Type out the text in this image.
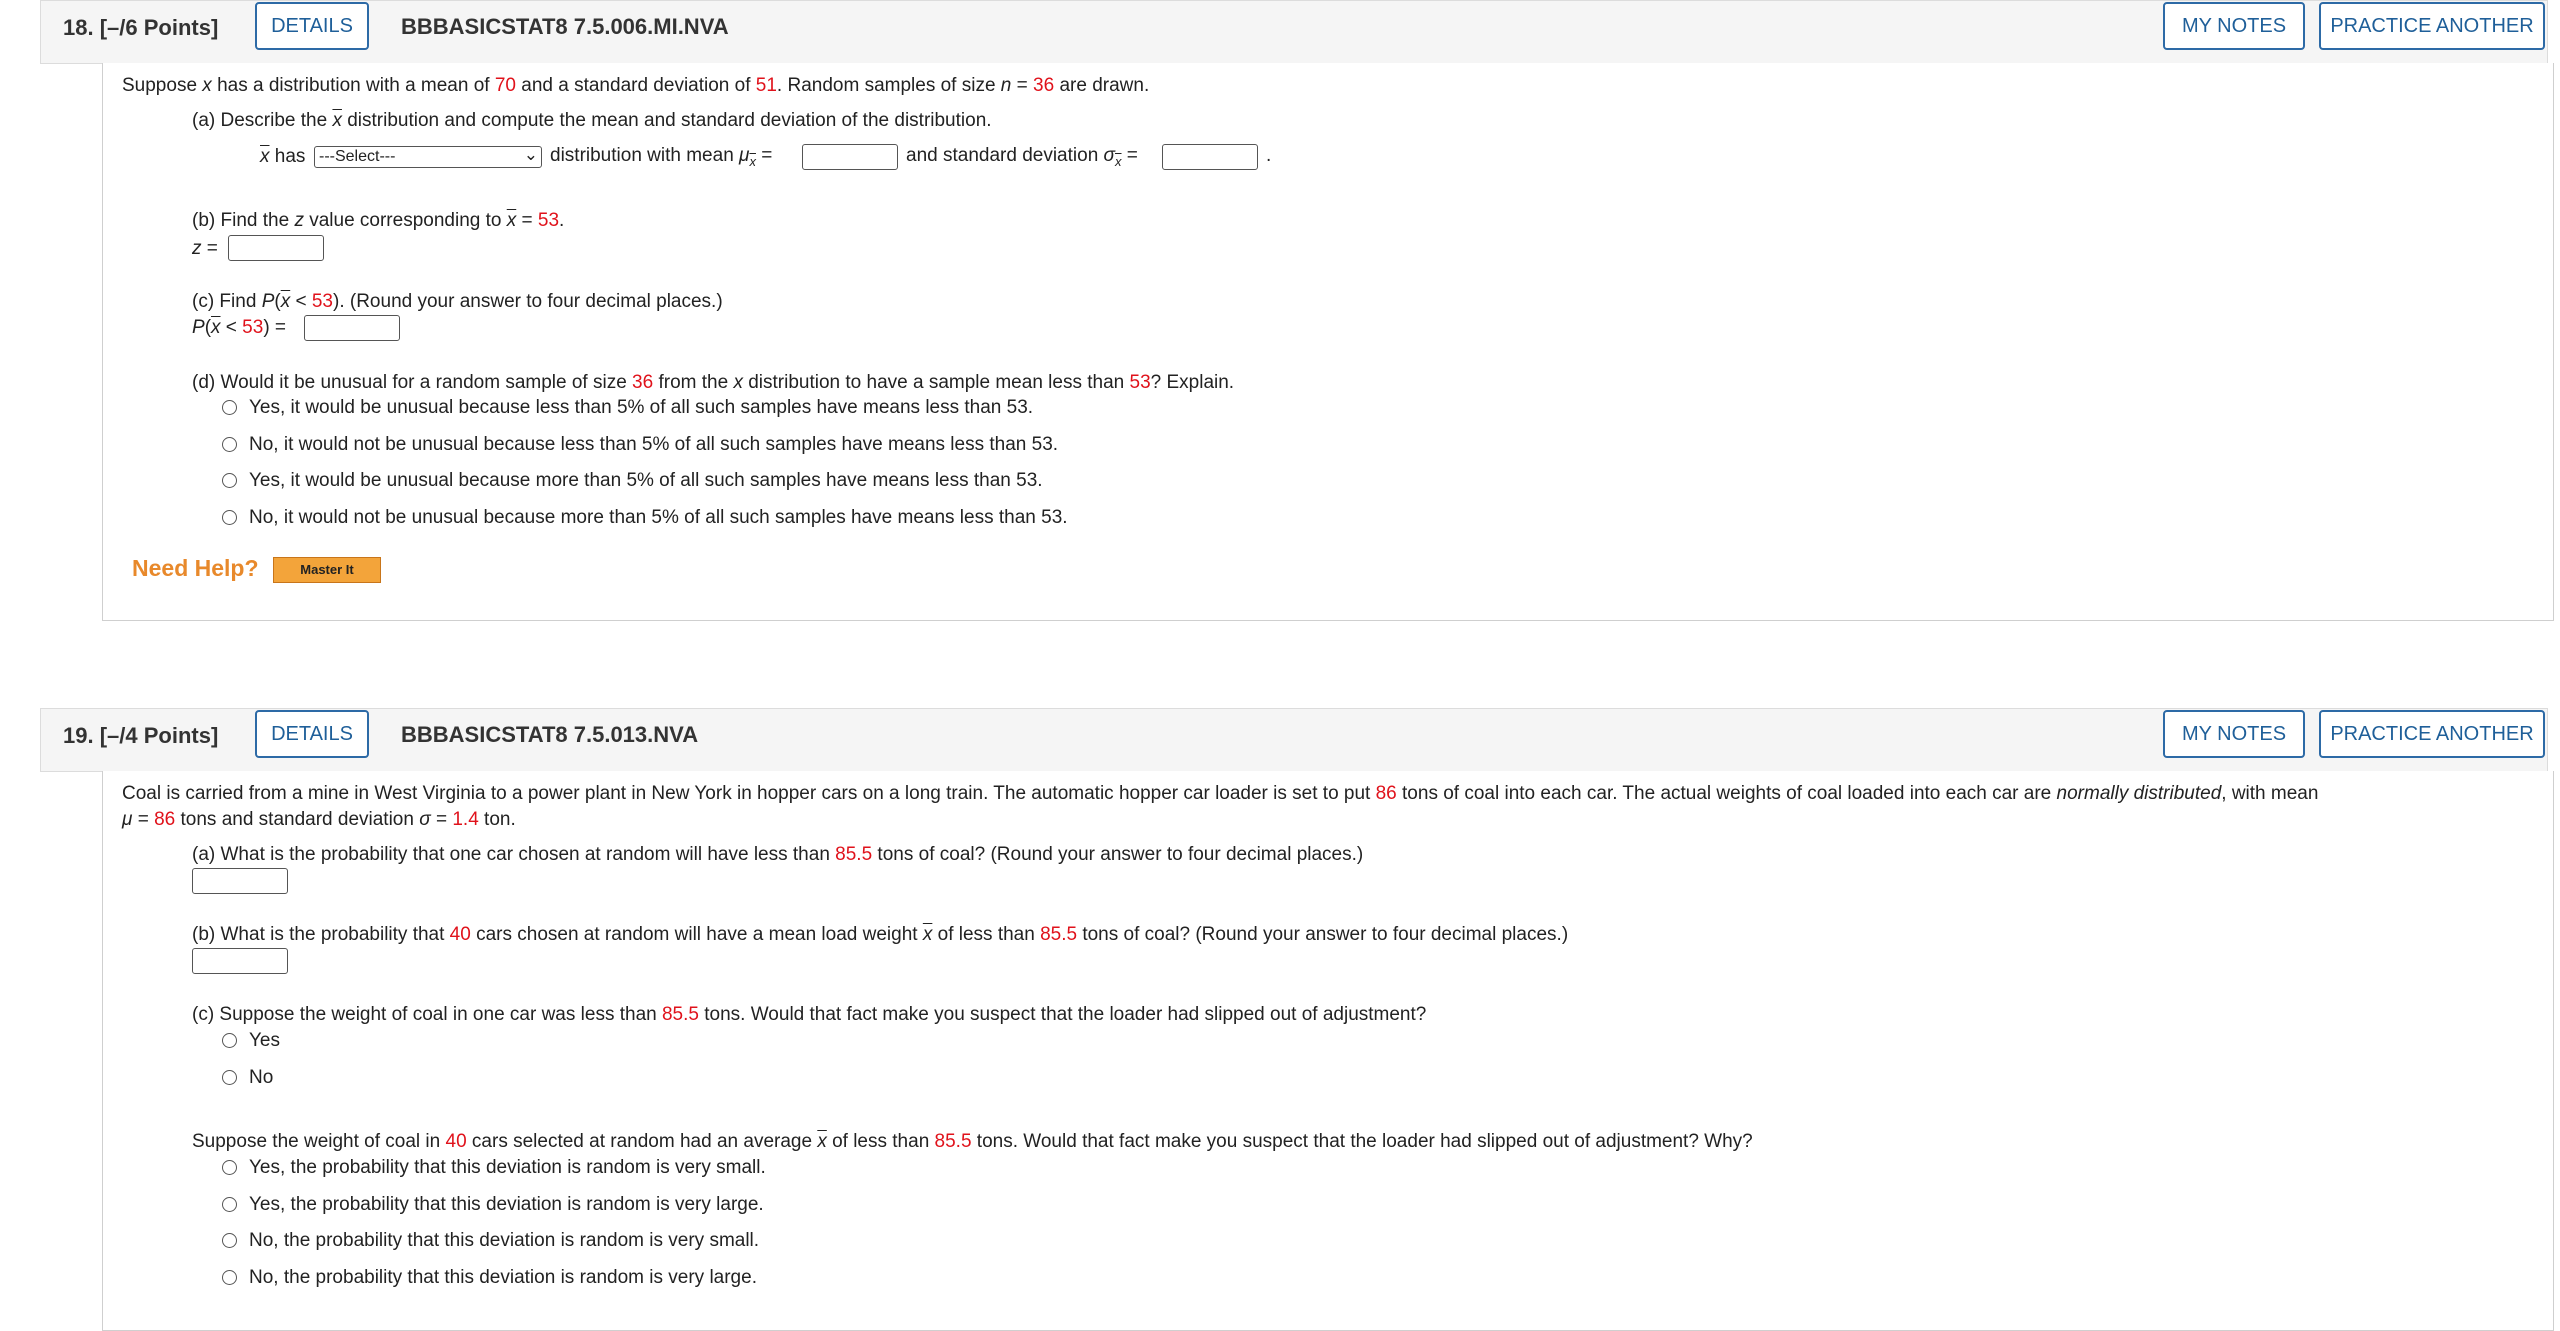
18. [–/6 Points]	DETAILS	BBBASICSTAT8 7.5.006.MI.NVA	MY NOTES	PRACTICE ANOTHER
Suppose x has a distribution with a mean of 70 and a standard deviation of 51. Random samples of size n = 36 are drawn.
(a) Describe the $\overline{x}$ distribution and compute the mean and standard deviation of the distribution.
$\overline{x}$ has ---Select---	⌄ distribution with mean $\mu_{\overline{x}}$ =	and standard deviation $\sigma_{\overline{x}}$ =	.
(b) Find the z value corresponding to $\overline{x} = 53$.
z =
(c) Find $P(\overline{x} < 53)$. (Round your answer to four decimal places.)
$P(\overline{x} < 53)$ =
(d) Would it be unusual for a random sample of size 36 from the x distribution to have a sample mean less than 53? Explain.
Yes, it would be unusual because less than 5% of all such samples have means less than 53.
No, it would not be unusual because less than 5% of all such samples have means less than 53.
Yes, it would be unusual because more than 5% of all such samples have means less than 53.
No, it would not be unusual because more than 5% of all such samples have means less than 53.
Need Help?	Master It
19. [–/4 Points]	DETAILS	BBBASICSTAT8 7.5.013.NVA	MY NOTES	PRACTICE ANOTHER
Coal is carried from a mine in West Virginia to a power plant in New York in hopper cars on a long train. The automatic hopper car loader is set to put 86 tons of coal into each car. The actual weights of coal loaded into each car are normally distributed, with mean
μ = 86 tons and standard deviation σ = 1.4 ton.
(a) What is the probability that one car chosen at random will have less than 85.5 tons of coal? (Round your answer to four decimal places.)
(b) What is the probability that 40 cars chosen at random will have a mean load weight $\overline{x}$ of less than 85.5 tons of coal? (Round your answer to four decimal places.)
(c) Suppose the weight of coal in one car was less than 85.5 tons. Would that fact make you suspect that the loader had slipped out of adjustment?
Yes
No
Suppose the weight of coal in 40 cars selected at random had an average $\overline{x}$ of less than 85.5 tons. Would that fact make you suspect that the loader had slipped out of adjustment? Why?
Yes, the probability that this deviation is random is very small.
Yes, the probability that this deviation is random is very large.
No, the probability that this deviation is random is very small.
No, the probability that this deviation is random is very large.
